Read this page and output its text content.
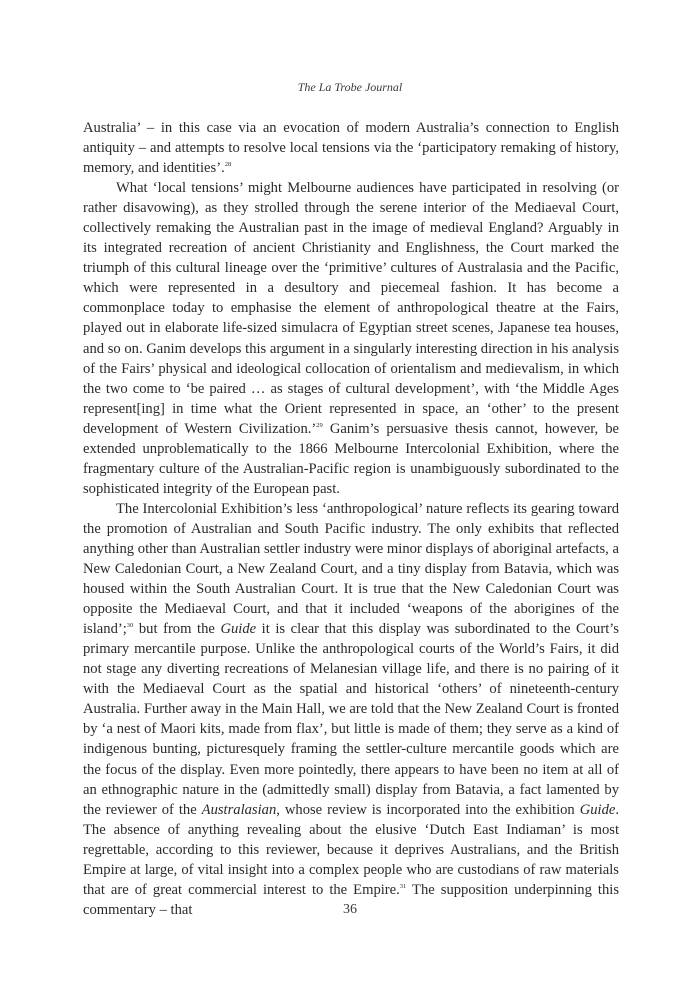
The La Trobe Journal

Australia’ – in this case via an evocation of modern Australia’s connection to English antiquity – and attempts to resolve local tensions via the ‘participatory remaking of history, memory, and identities’.$^{28}$

What ‘local tensions’ might Melbourne audiences have participated in resolving (or rather disavowing), as they strolled through the serene interior of the Mediaeval Court, collectively remaking the Australian past in the image of medieval England? Arguably in its integrated recreation of ancient Christianity and Englishness, the Court marked the triumph of this cultural lineage over the ‘primitive’ cultures of Australasia and the Pacific, which were represented in a desultory and piecemeal fashion. It has become a commonplace today to emphasise the element of anthropological theatre at the Fairs, played out in elaborate life-sized simulacra of Egyptian street scenes, Japanese tea houses, and so on. Ganim develops this argument in a singularly interesting direction in his analysis of the Fairs’ physical and ideological collocation of orientalism and medievalism, in which the two come to ‘be paired … as stages of cultural development’, with ‘the Middle Ages represent[ing] in time what the Orient represented in space, an ‘other’ to the present development of Western Civilization.’$^{29}$ Ganim’s persuasive thesis cannot, however, be extended unproblematically to the 1866 Melbourne Intercolonial Exhibition, where the fragmentary culture of the Australian-Pacific region is unambiguously subordinated to the sophisticated integrity of the European past.

The Intercolonial Exhibition’s less ‘anthropological’ nature reflects its gearing toward the promotion of Australian and South Pacific industry. The only exhibits that reflected anything other than Australian settler industry were minor displays of aboriginal artefacts, a New Caledonian Court, a New Zealand Court, and a tiny display from Batavia, which was housed within the South Australian Court. It is true that the New Caledonian Court was opposite the Mediaeval Court, and that it included ‘weapons of the aborigines of the island’;$^{30}$ but from the Guide it is clear that this display was subordinated to the Court’s primary mercantile purpose. Unlike the anthropological courts of the World’s Fairs, it did not stage any diverting recreations of Melanesian village life, and there is no pairing of it with the Mediaeval Court as the spatial and historical ‘others’ of nineteenth-century Australia. Further away in the Main Hall, we are told that the New Zealand Court is fronted by ‘a nest of Maori kits, made from flax’, but little is made of them; they serve as a kind of indigenous bunting, picturesquely framing the settler-culture mercantile goods which are the focus of the display. Even more pointedly, there appears to have been no item at all of an ethnographic nature in the (admittedly small) display from Batavia, a fact lamented by the reviewer of the Australasian, whose review is incorporated into the exhibition Guide. The absence of anything revealing about the elusive ‘Dutch East Indiaman’ is most regrettable, according to this reviewer, because it deprives Australians, and the British Empire at large, of vital insight into a complex people who are custodians of raw materials that are of great commercial interest to the Empire.$^{31}$ The supposition underpinning this commentary – that	36
